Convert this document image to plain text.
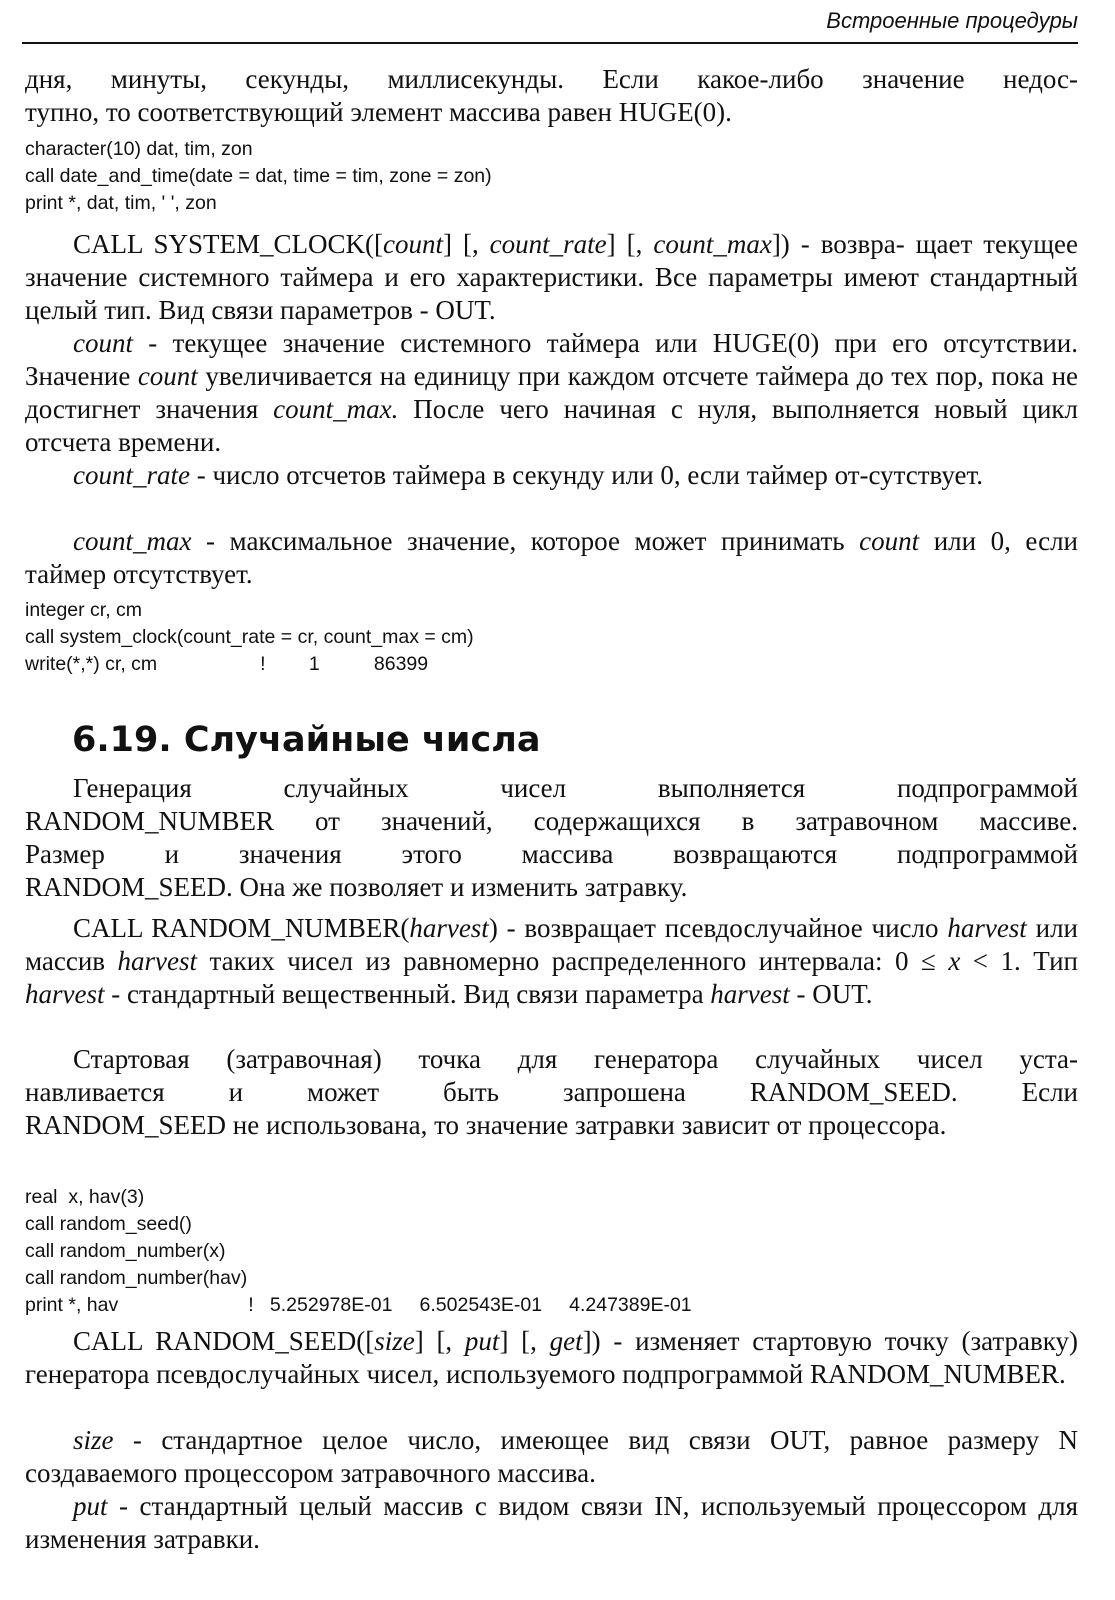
Встроенные процедуры

дня, минуты, секунды, миллисекунды. Если какое-либо значение недос-
тупно, то соответствующий элемент массива равен HUGE(0).

character(10) dat, tim, zon
call date_and_time(date = dat, time = tim, zone = zon)
print *, dat, tim, ' ', zon

CALL SYSTEM_CLOCK([count] [, count_rate] [, count_max]) - возвра- щает текущее значение системного таймера и его характеристики. Все параметры имеют стандартный целый тип. Вид связи параметров - OUT.

count - текущее значение системного таймера или HUGE(0) при его отсутствии. Значение count увеличивается на единицу при каждом отсчете таймера до тех пор, пока не достигнет значения count_max. После чего начиная с нуля, выполняется новый цикл отсчета времени.

count_rate - число отсчетов таймера в секунду или 0, если таймер от-сутствует.

count_max - максимальное значение, которое может принимать count или 0, если таймер отсутствует.

integer cr, cm
call system_clock(count_rate = cr, count_max = cm)
write(*,*) cr, cm                   !        1          86399
6.19. Случайные числа

Генерация случайных чисел выполняется подпрограммой
RANDOM_NUMBER от значений, содержащихся в затравочном массиве.
Размер и значения этого массива возвращаются подпрограммой
RANDOM_SEED. Она же позволяет и изменить затравку.

CALL RANDOM_NUMBER(harvest) - возвращает псевдослучайное число harvest или массив harvest таких чисел из равномерно распределенного интервала: 0 ≤ x < 1. Тип harvest - стандартный вещественный. Вид связи параметра harvest - OUT.

Стартовая (затравочная) точка для генератора случайных чисел уста-
навливается и может быть запрошена RANDOM_SEED. Если
RANDOM_SEED не использована, то значение затравки зависит от процессора.

real  x, hav(3)
call random_seed()
call random_number(x)
call random_number(hav)
print *, hav                        !   5.252978E-01     6.502543E-01     4.247389E-01

CALL RANDOM_SEED([size] [, put] [, get]) - изменяет стартовую точку (затравку) генератора псевдослучайных чисел, используемого подпрограммой RANDOM_NUMBER.

size - стандартное целое число, имеющее вид связи OUT, равное размеру N создаваемого процессором затравочного массива.

put - стандартный целый массив с видом связи IN, используемый процессором для изменения затравки.
